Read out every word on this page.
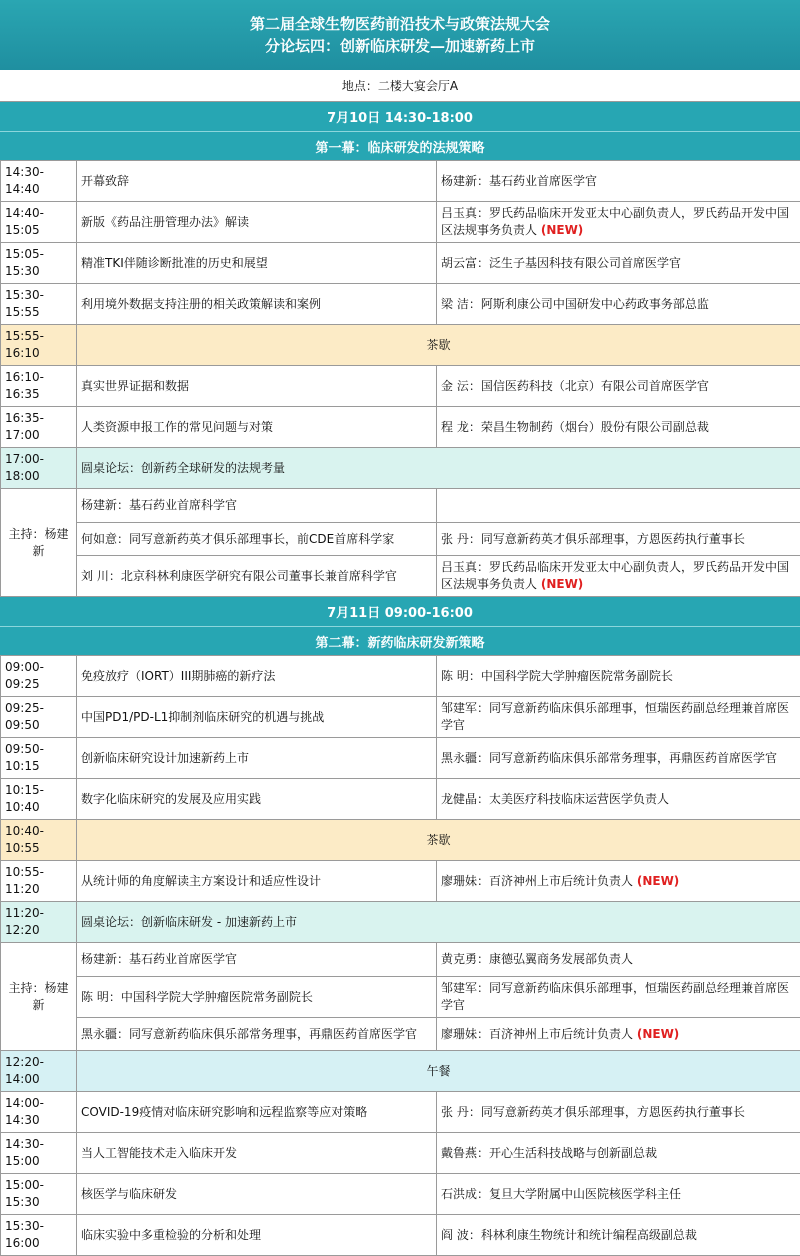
第二届全球生物医药前沿技术与政策法规大会
分论坛四：创新临床研发—加速新药上市
地点：二楼大宴会厅A
7月10日 14:30-18:00
第一幕：临床研发的法规策略
14:30-14:40	开幕致辞	杨建新：基石药业首席医学官
14:40-15:05	新版《药品注册管理办法》解读	吕玉真：罗氏药品临床开发亚太中心副负责人，罗氏药品开发中国区法规事务负责人 (NEW)
15:05-15:30	精准TKI伴随诊断批准的历史和展望	胡云富：泛生子基因科技有限公司首席医学官
15:30-15:55	利用境外数据支持注册的相关政策解读和案例	梁 洁：阿斯利康公司中国研发中心药政事务部总监
15:55-16:10	茶歇	
16:10-16:35	真实世界证据和数据	金 沄：国信医药科技（北京）有限公司首席医学官
16:35-17:00	人类资源申报工作的常见问题与对策	程 龙：荣昌生物制药（烟台）股份有限公司副总裁
17:00-18:00	圆桌论坛：创新药全球研发的法规考量	
主持：杨建新	杨建新：基石药业首席科学官	
	何如意：同写意新药英才俱乐部理事长，前CDE首席科学家	张 丹：同写意新药英才俱乐部理事，方恩医药执行董事长
	刘 川：北京科林利康医学研究有限公司董事长兼首席科学官	吕玉真：罗氏药品临床开发亚太中心副负责人，罗氏药品开发中国区法规事务负责人 (NEW)
7月11日 09:00-16:00
第二幕：新药临床研发新策略
09:00-09:25	免疫放疗（IORT）III期肺癌的新疗法	陈 明：中国科学院大学肿瘤医院常务副院长
09:25-09:50	中国PD1/PD-L1抑制剂临床研究的机遇与挑战	邹建军：同写意新药临床俱乐部理事，恒瑞医药副总经理兼首席医学官
09:50-10:15	创新临床研究设计加速新药上市	黑永疆：同写意新药临床俱乐部常务理事，再鼎医药首席医学官
10:15-10:40	数字化临床研究的发展及应用实践	龙健晶：太美医疗科技临床运营医学负责人
10:40-10:55	茶歇	
10:55-11:20	从统计师的角度解读主方案设计和适应性设计	廖珊妹：百济神州上市后统计负责人 (NEW)
11:20-12:20	圆桌论坛：创新临床研发 - 加速新药上市	
主持：杨建新	杨建新：基石药业首席医学官	黄克勇：康德弘翼商务发展部负责人
	陈 明：中国科学院大学肿瘤医院常务副院长	邹建军：同写意新药临床俱乐部理事，恒瑞医药副总经理兼首席医学官
	黑永疆：同写意新药临床俱乐部常务理事，再鼎医药首席医学官	廖珊妹：百济神州上市后统计负责人 (NEW)
12:20-14:00	午餐	
14:00-14:30	COVID-19疫情对临床研究影响和远程监察等应对策略	张 丹：同写意新药英才俱乐部理事，方恩医药执行董事长
14:30-15:00	当人工智能技术走入临床开发	戴鲁燕：开心生活科技战略与创新副总裁
15:00-15:30	核医学与临床研发	石洪成：复旦大学附属中山医院核医学科主任
15:30-16:00	临床实验中多重检验的分析和处理	阎 波：科林利康生物统计和统计编程高级副总裁
